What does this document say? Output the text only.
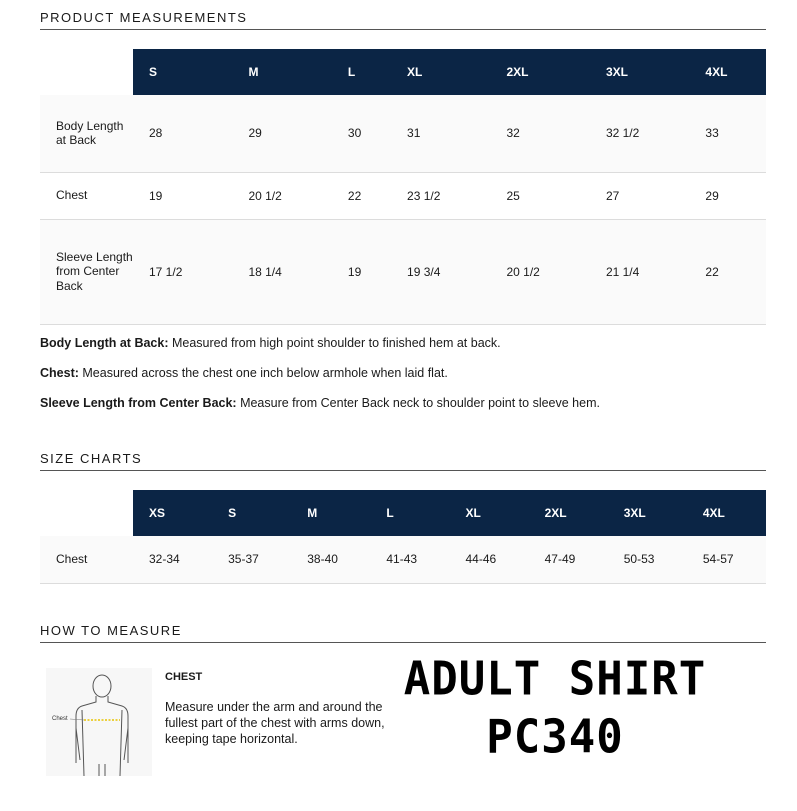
PRODUCT MEASUREMENTS
	S	M	L	XL	2XL	3XL	4XL
Body Length at Back	28	29	30	31	32	32 1/2	33
Chest	19	20 1/2	22	23 1/2	25	27	29
Sleeve Length from Center Back	17 1/2	18 1/4	19	19 3/4	20 1/2	21 1/4	22

Body Length at Back: Measured from high point shoulder to finished hem at back.

Chest: Measured across the chest one inch below armhole when laid flat.

Sleeve Length from Center Back: Measure from Center Back neck to shoulder point to sleeve hem.

SIZE CHARTS
	XS	S	M	L	XL	2XL	3XL	4XL
Chest	32-34	35-37	38-40	41-43	44-46	47-49	50-53	54-57
HOW TO MEASURE
Chest
CHEST
Measure under the arm and around the fullest part of the chest with arms down, keeping tape horizontal.
ADULT SHIRT
PC340
